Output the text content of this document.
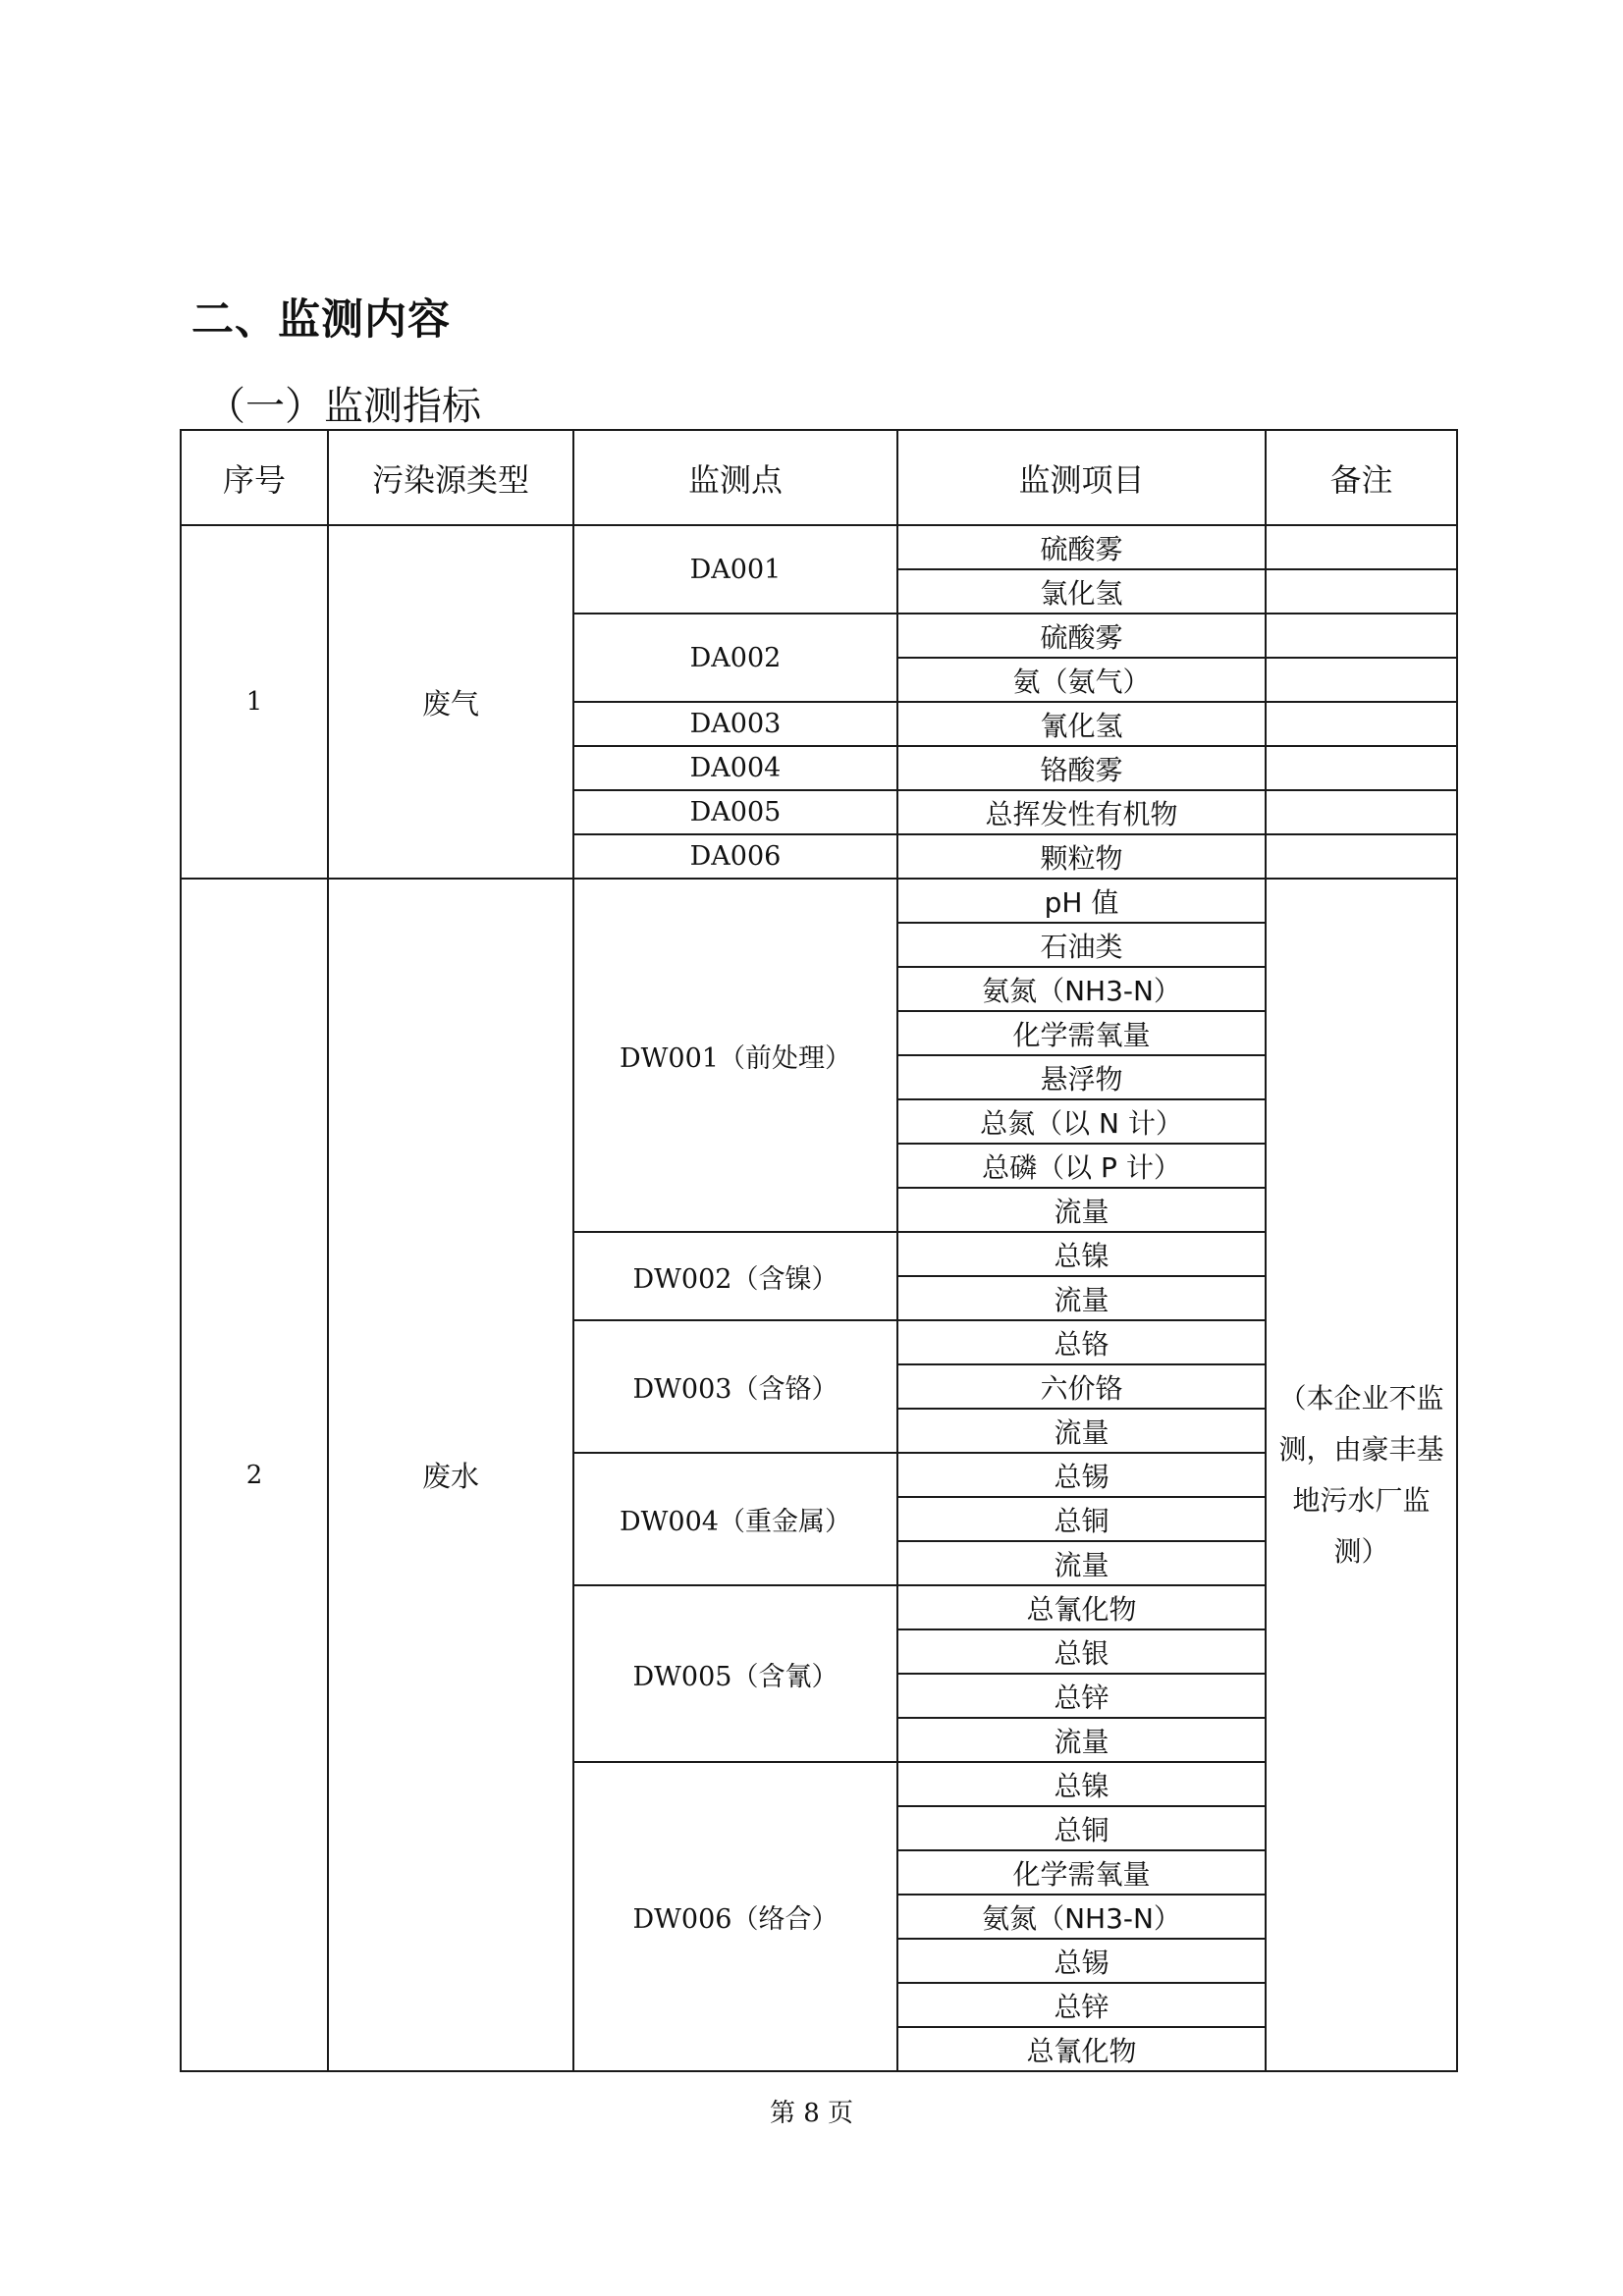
二、监测内容
（一）监测指标
序号	污染源类型	监测点	监测项目	备注
1	废气	DA001	硫酸雾	
			氯化氢	
		DA002	硫酸雾	
			氨（氨气）	
		DA003	氰化氢	
		DA004	铬酸雾	
		DA005	总挥发性有机物	
		DA006	颗粒物	
2	废水	DW001（前处理）	pH 值	（本企业不监测，由豪丰基地污水厂监测）
			石油类	
			氨氮（NH3-N）	
			化学需氧量	
			悬浮物	
			总氮（以 N 计）	
			总磷（以 P 计）	
			流量	
		DW002（含镍）	总镍	
			流量	
		DW003（含铬）	总铬	
			六价铬	
			流量	
		DW004（重金属）	总锡	
			总铜	
			流量	
		DW005（含氰）	总氰化物	
			总银	
			总锌	
			流量	
		DW006（络合）	总镍	
			总铜	
			化学需氧量	
			氨氮（NH3-N）	
			总锡	
			总锌	
			总氰化物	
第 8 页
